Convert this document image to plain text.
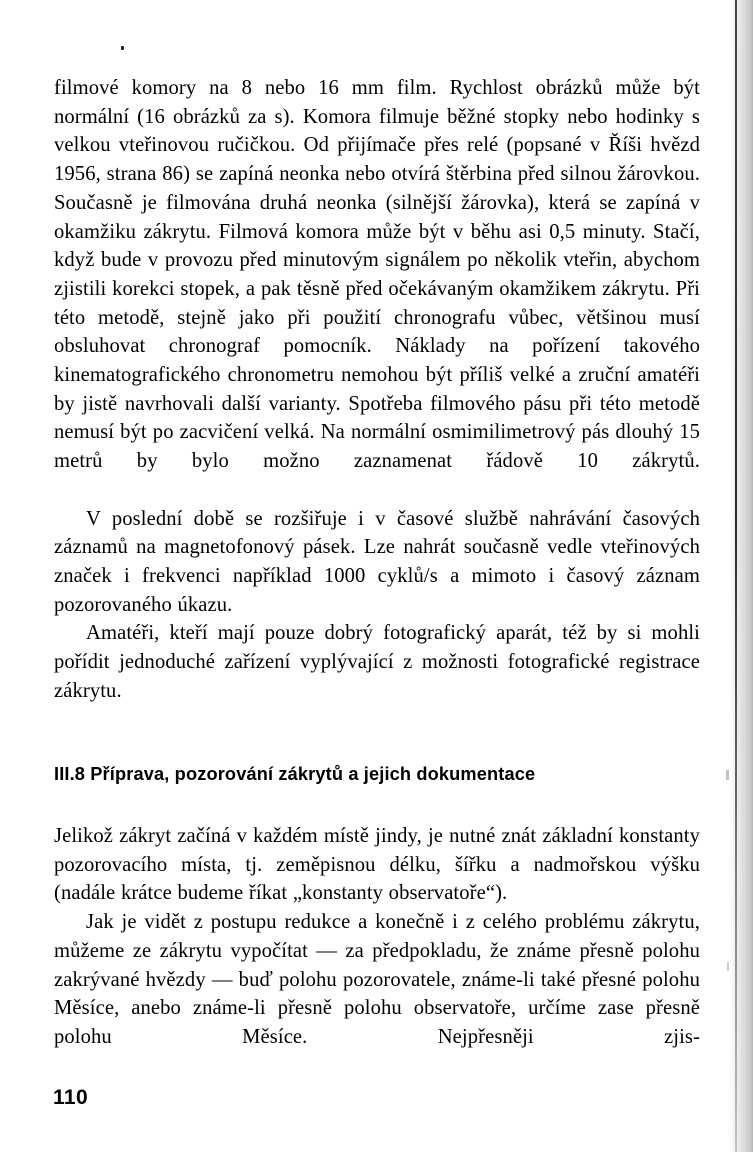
filmové komory na 8 nebo 16 mm film. Rychlost obrázků může být normální (16 obrázků za s). Komora filmuje běžné stopky nebo hodinky s velkou vteřinovou ručičkou. Od přijímače přes relé (popsané v Říši hvězd 1956, strana 86) se zapíná neonka nebo otvírá štěrbina před silnou žárovkou. Současně je filmována druhá neonka (silnější žárovka), která se zapíná v okamžiku zákrytu. Filmová komora může být v běhu asi 0,5 minuty. Stačí, když bude v provozu před minutovým signálem po několik vteřin, abychom zjistili korekci stopek, a pak těsně před očekávaným okamžikem zákrytu. Při této metodě, stejně jako při použití chronografu vůbec, většinou musí obsluhovat chronograf pomocník. Náklady na pořízení takového kinematografického chronometru nemohou být příliš velké a zruční amatéři by jistě navrhovali další varianty. Spotřeba filmového pásu při této metodě nemusí být po zacvičení velká. Na normální osmimilimetrový pás dlouhý 15 metrů by bylo možno zaznamenat řádově 10 zákrytů.

V poslední době se rozšiřuje i v časové službě nahrávání časových záznamů na magnetofonový pásek. Lze nahrát současně vedle vteřinových značek i frekvenci například 1000 cyklů/s a mimoto i časový záznam pozorovaného úkazu.

Amatéři, kteří mají pouze dobrý fotografický aparát, též by si mohli pořídit jednoduché zařízení vyplývající z možnosti fotografické registrace zákrytu.

III.8 Příprava, pozorování zákrytů a jejich dokumentace

Jelikož zákryt začíná v každém místě jindy, je nutné znát základní konstanty pozorovacího místa, tj. zeměpisnou délku, šířku a nadmořskou výšku (nadále krátce budeme říkat „konstanty observatoře“).

Jak je vidět z postupu redukce a konečně i z celého problému zákrytu, můžeme ze zákrytu vypočítat — za předpokladu, že známe přesně polohu zakrývané hvězdy — buď polohu pozorovatele, známe-li také přesné polohu Měsíce, anebo známe-li přesně polohu observatoře, určíme zase přesně polohu Měsíce. Nejpřesněji zjis-

110
